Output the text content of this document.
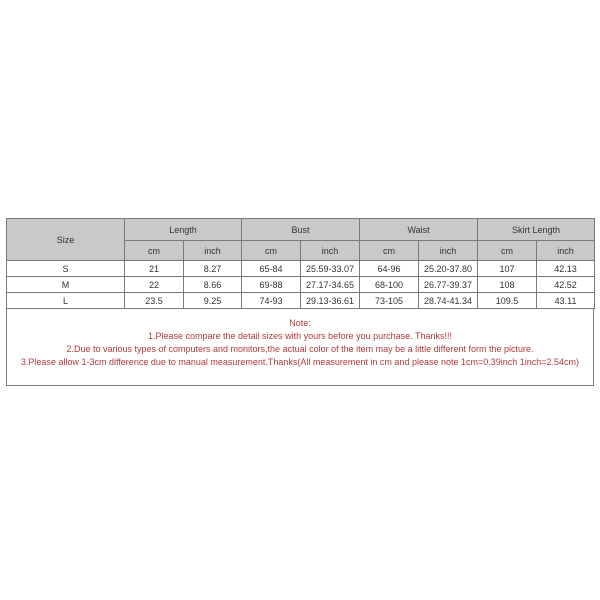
Size	Length		Bust		Waist		Skirt Length	
	cm	inch	cm	inch	cm	inch	cm	inch
S	21	8.27	65-84	25.59-33.07	64-96	25.20-37.80	107	42.13
M	22	8.66	69-88	27.17-34.65	68-100	26.77-39.37	108	42.52
L	23.5	9.25	74-93	29.13-36.61	73-105	28.74-41.34	109.5	43.11
Note:
1.Please compare the detail sizes with yours before you purchase. Thanks!!!
2.Due to various types of computers and monitors,the actual color of the item may be a little different form the picture.
3.Please allow 1-3cm difference due to manual measurement.Thanks(All measurement in cm and please note 1cm=0.39inch 1inch=2.54cm)
